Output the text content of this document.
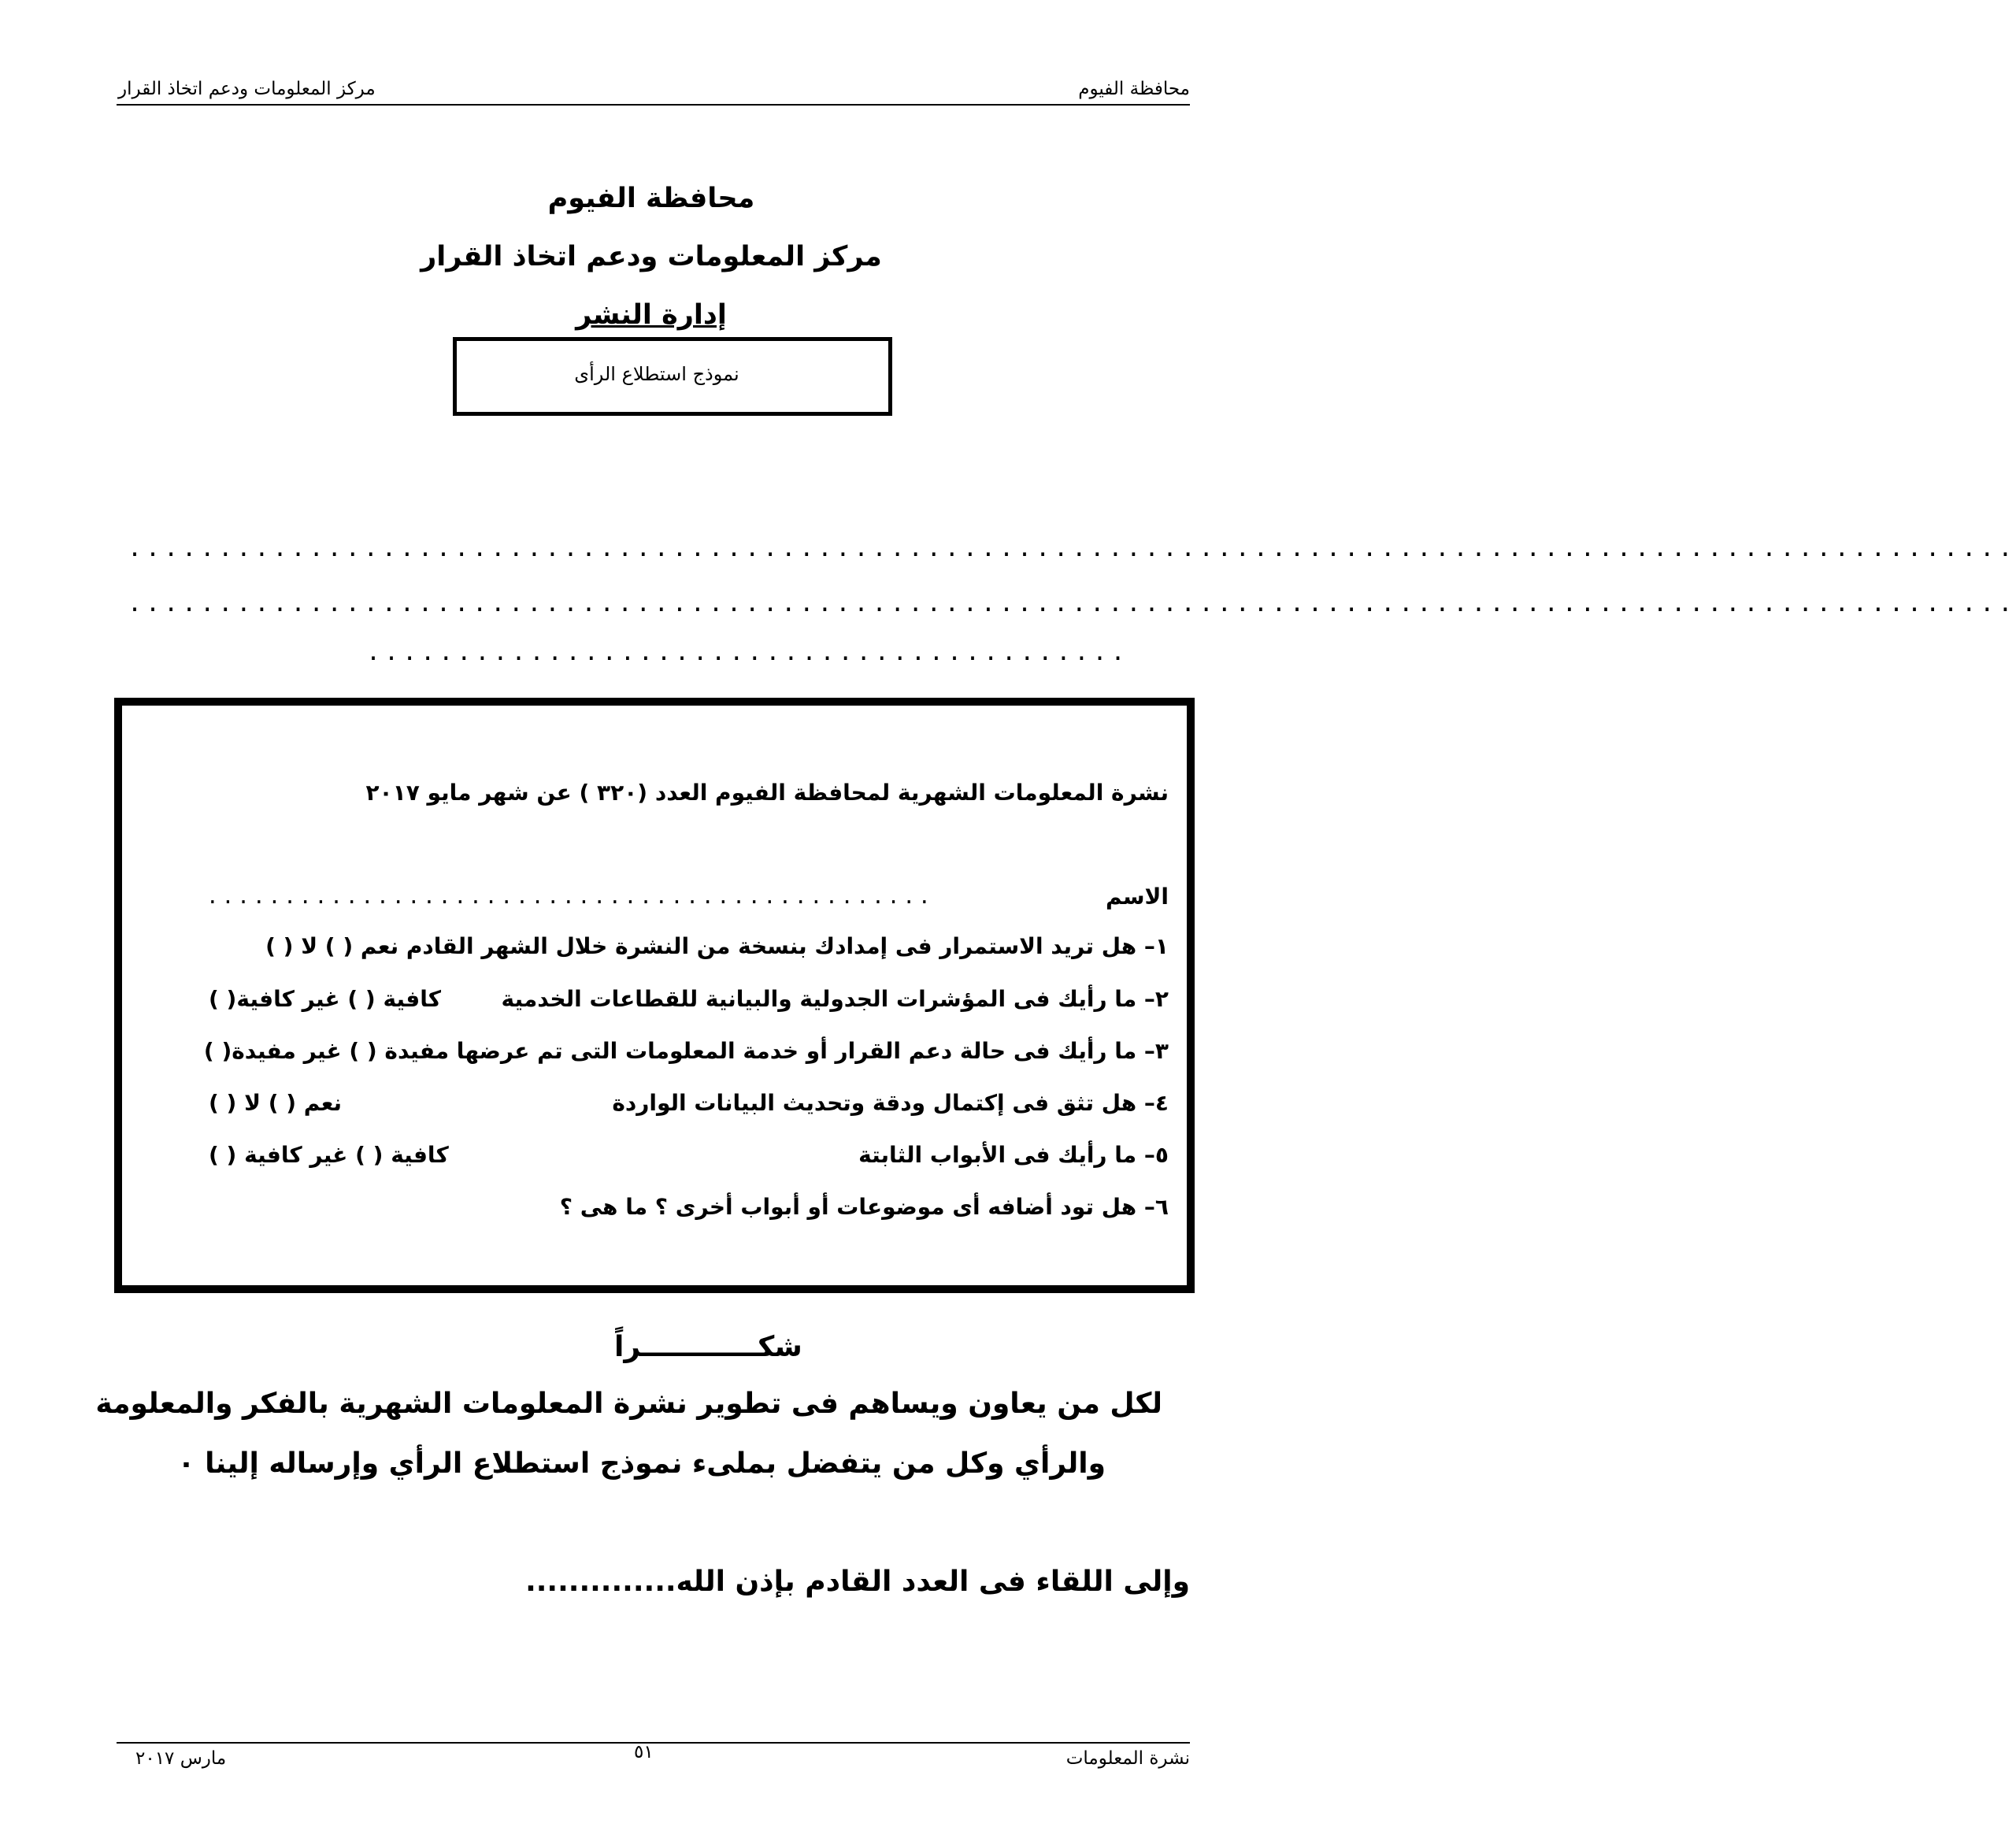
محافظة الفيوم
مركز المعلومات ودعم اتخاذ القرار
محافظة الفيوم
مركز المعلومات ودعم اتخاذ القرار
إدارة النشر
نموذج استطلاع الرأى
........................................................................................................
........................................................................................................
..........................................
نشرة المعلومات الشهرية لمحافظة الفيوم العدد (٣٢٠ ) عن شهر مايو ٢٠١٧
الاسم
...............................................
١– هل تريد الاستمرار فى إمدادك بنسخة من النشرة خلال الشهر القادم نعم ( ) لا ( )
٢– ما رأيك فى المؤشرات الجدولية والبيانية للقطاعات الخدمية
كافية ( ) غير كافية( )
٣– ما رأيك فى حالة دعم القرار أو خدمة المعلومات التى تم عرضها مفيدة ( ) غير مفيدة( )
٤– هل تثق فى إكتمال ودقة وتحديث البيانات الواردة
نعم ( ) لا ( )
٥– ما رأيك فى الأبواب الثابتة
كافية ( ) غير كافية ( )
٦– هل تود أضافه أى موضوعات أو أبواب أخرى ؟ ما هى ؟
شكــــــــــــراً
لكل من يعاون ويساهم فى تطوير نشرة المعلومات الشهرية بالفكر والمعلومة
والرأي وكل من يتفضل بملىء نموذج استطلاع الرأي وإرساله إلينا ٠
وإلى اللقاء فى العدد القادم بإذن الله..............
نشرة المعلومات
٥١
مارس ٢٠١٧
